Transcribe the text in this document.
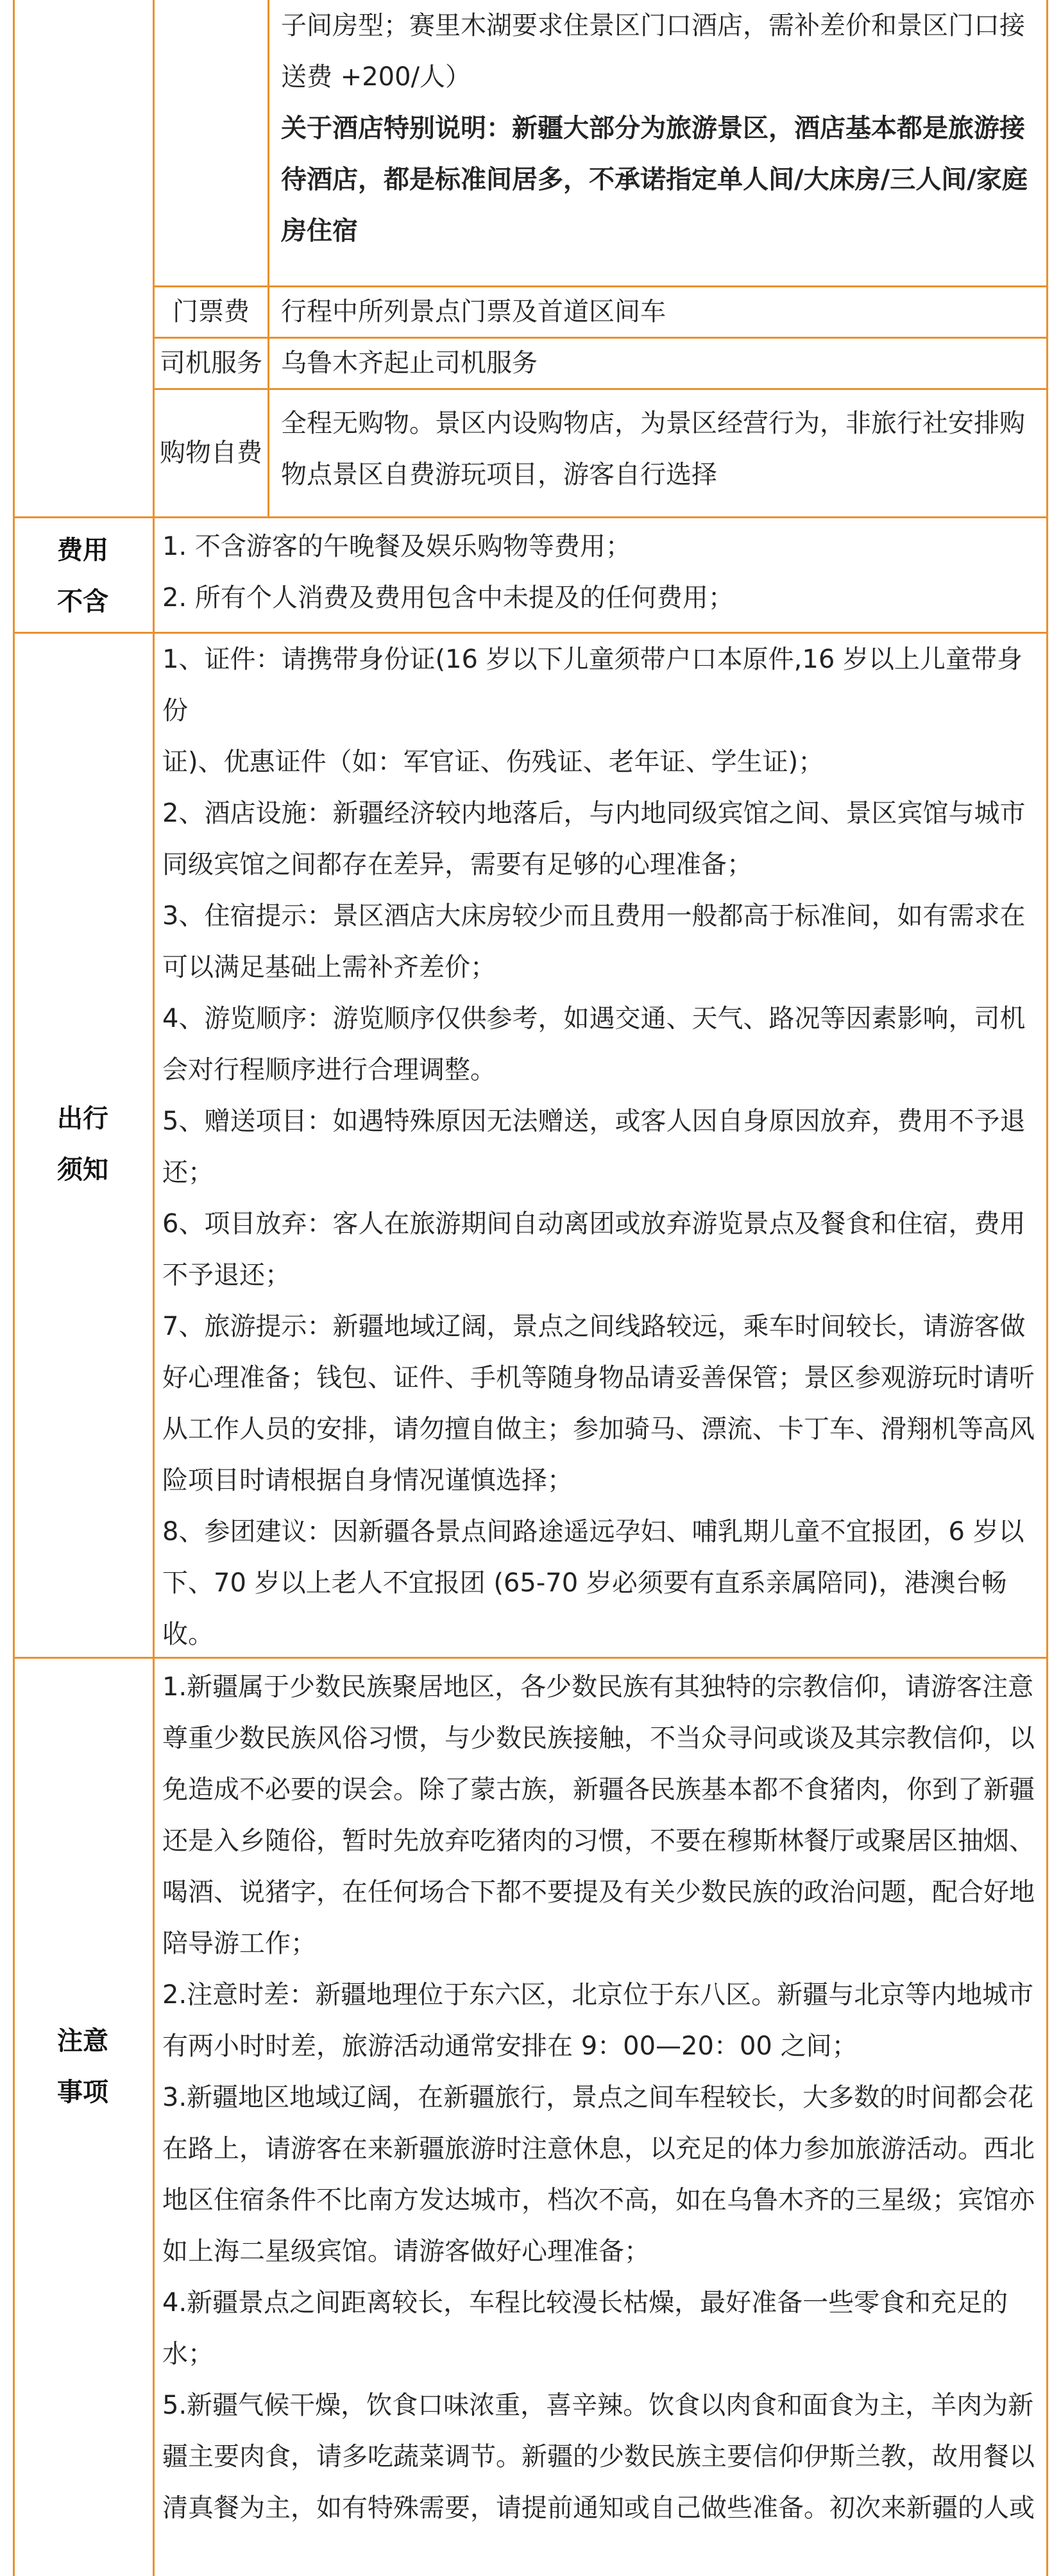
子间房型；赛里木湖要求住景区门口酒店，需补差价和景区门口接
送费 +200/人）
关于酒店特别说明：新疆大部分为旅游景区，酒店基本都是旅游接
待酒店，都是标准间居多，不承诺指定单人间/大床房/三人间/家庭
房住宿
门票费	行程中所列景点门票及首道区间车
司机服务 乌鲁木齐起止司机服务
购物自费
全程无购物。景区内设购物店，为景区经营行为，非旅行社安排购
物点景区自费游玩项目，游客自行选择
费用
不含
1. 不含游客的午晚餐及娱乐购物等费用；
2. 所有个人消费及费用包含中未提及的任何费用；
出行
须知
1、证件：请携带身份证(16 岁以下儿童须带户口本原件,16 岁以上儿童带身份
证)、优惠证件（如：军官证、伤残证、老年证、学生证)；
2、酒店设施：新疆经济较内地落后，与内地同级宾馆之间、景区宾馆与城市
同级宾馆之间都存在差异，需要有足够的心理准备；
3、住宿提示：景区酒店大床房较少而且费用一般都高于标准间，如有需求在
可以满足基础上需补齐差价；
4、游览顺序：游览顺序仅供参考，如遇交通、天气、路况等因素影响，司机
会对行程顺序进行合理调整。
5、赠送项目：如遇特殊原因无法赠送，或客人因自身原因放弃，费用不予退
还；
6、项目放弃：客人在旅游期间自动离团或放弃游览景点及餐食和住宿，费用
不予退还；
7、旅游提示：新疆地域辽阔，景点之间线路较远，乘车时间较长，请游客做
好心理准备；钱包、证件、手机等随身物品请妥善保管；景区参观游玩时请听
从工作人员的安排，请勿擅自做主；参加骑马、漂流、卡丁车、滑翔机等高风
险项目时请根据自身情况谨慎选择；
8、参团建议：因新疆各景点间路途遥远孕妇、哺乳期儿童不宜报团，6 岁以
下、70 岁以上老人不宜报团 (65-70 岁必须要有直系亲属陪同)，港澳台畅收。
注意
事项
1.新疆属于少数民族聚居地区，各少数民族有其独特的宗教信仰，请游客注意
尊重少数民族风俗习惯，与少数民族接触，不当众寻问或谈及其宗教信仰，以
免造成不必要的误会。除了蒙古族，新疆各民族基本都不食猪肉，你到了新疆
还是入乡随俗，暂时先放弃吃猪肉的习惯，不要在穆斯林餐厅或聚居区抽烟、
喝酒、说猪字，在任何场合下都不要提及有关少数民族的政治问题，配合好地
陪导游工作；
2.注意时差：新疆地理位于东六区，北京位于东八区。新疆与北京等内地城市
有两小时时差，旅游活动通常安排在 9：00—20：00 之间；
3.新疆地区地域辽阔，在新疆旅行，景点之间车程较长，大多数的时间都会花
在路上，请游客在来新疆旅游时注意休息，以充足的体力参加旅游活动。西北
地区住宿条件不比南方发达城市，档次不高，如在乌鲁木齐的三星级；宾馆亦
如上海二星级宾馆。请游客做好心理准备；
4.新疆景点之间距离较长，车程比较漫长枯燥，最好准备一些零食和充足的水；
5.新疆气候干燥，饮食口味浓重，喜辛辣。饮食以肉食和面食为主，羊肉为新
疆主要肉食，请多吃蔬菜调节。新疆的少数民族主要信仰伊斯兰教，故用餐以
清真餐为主，如有特殊需要，请提前通知或自己做些准备。初次来新疆的人或
